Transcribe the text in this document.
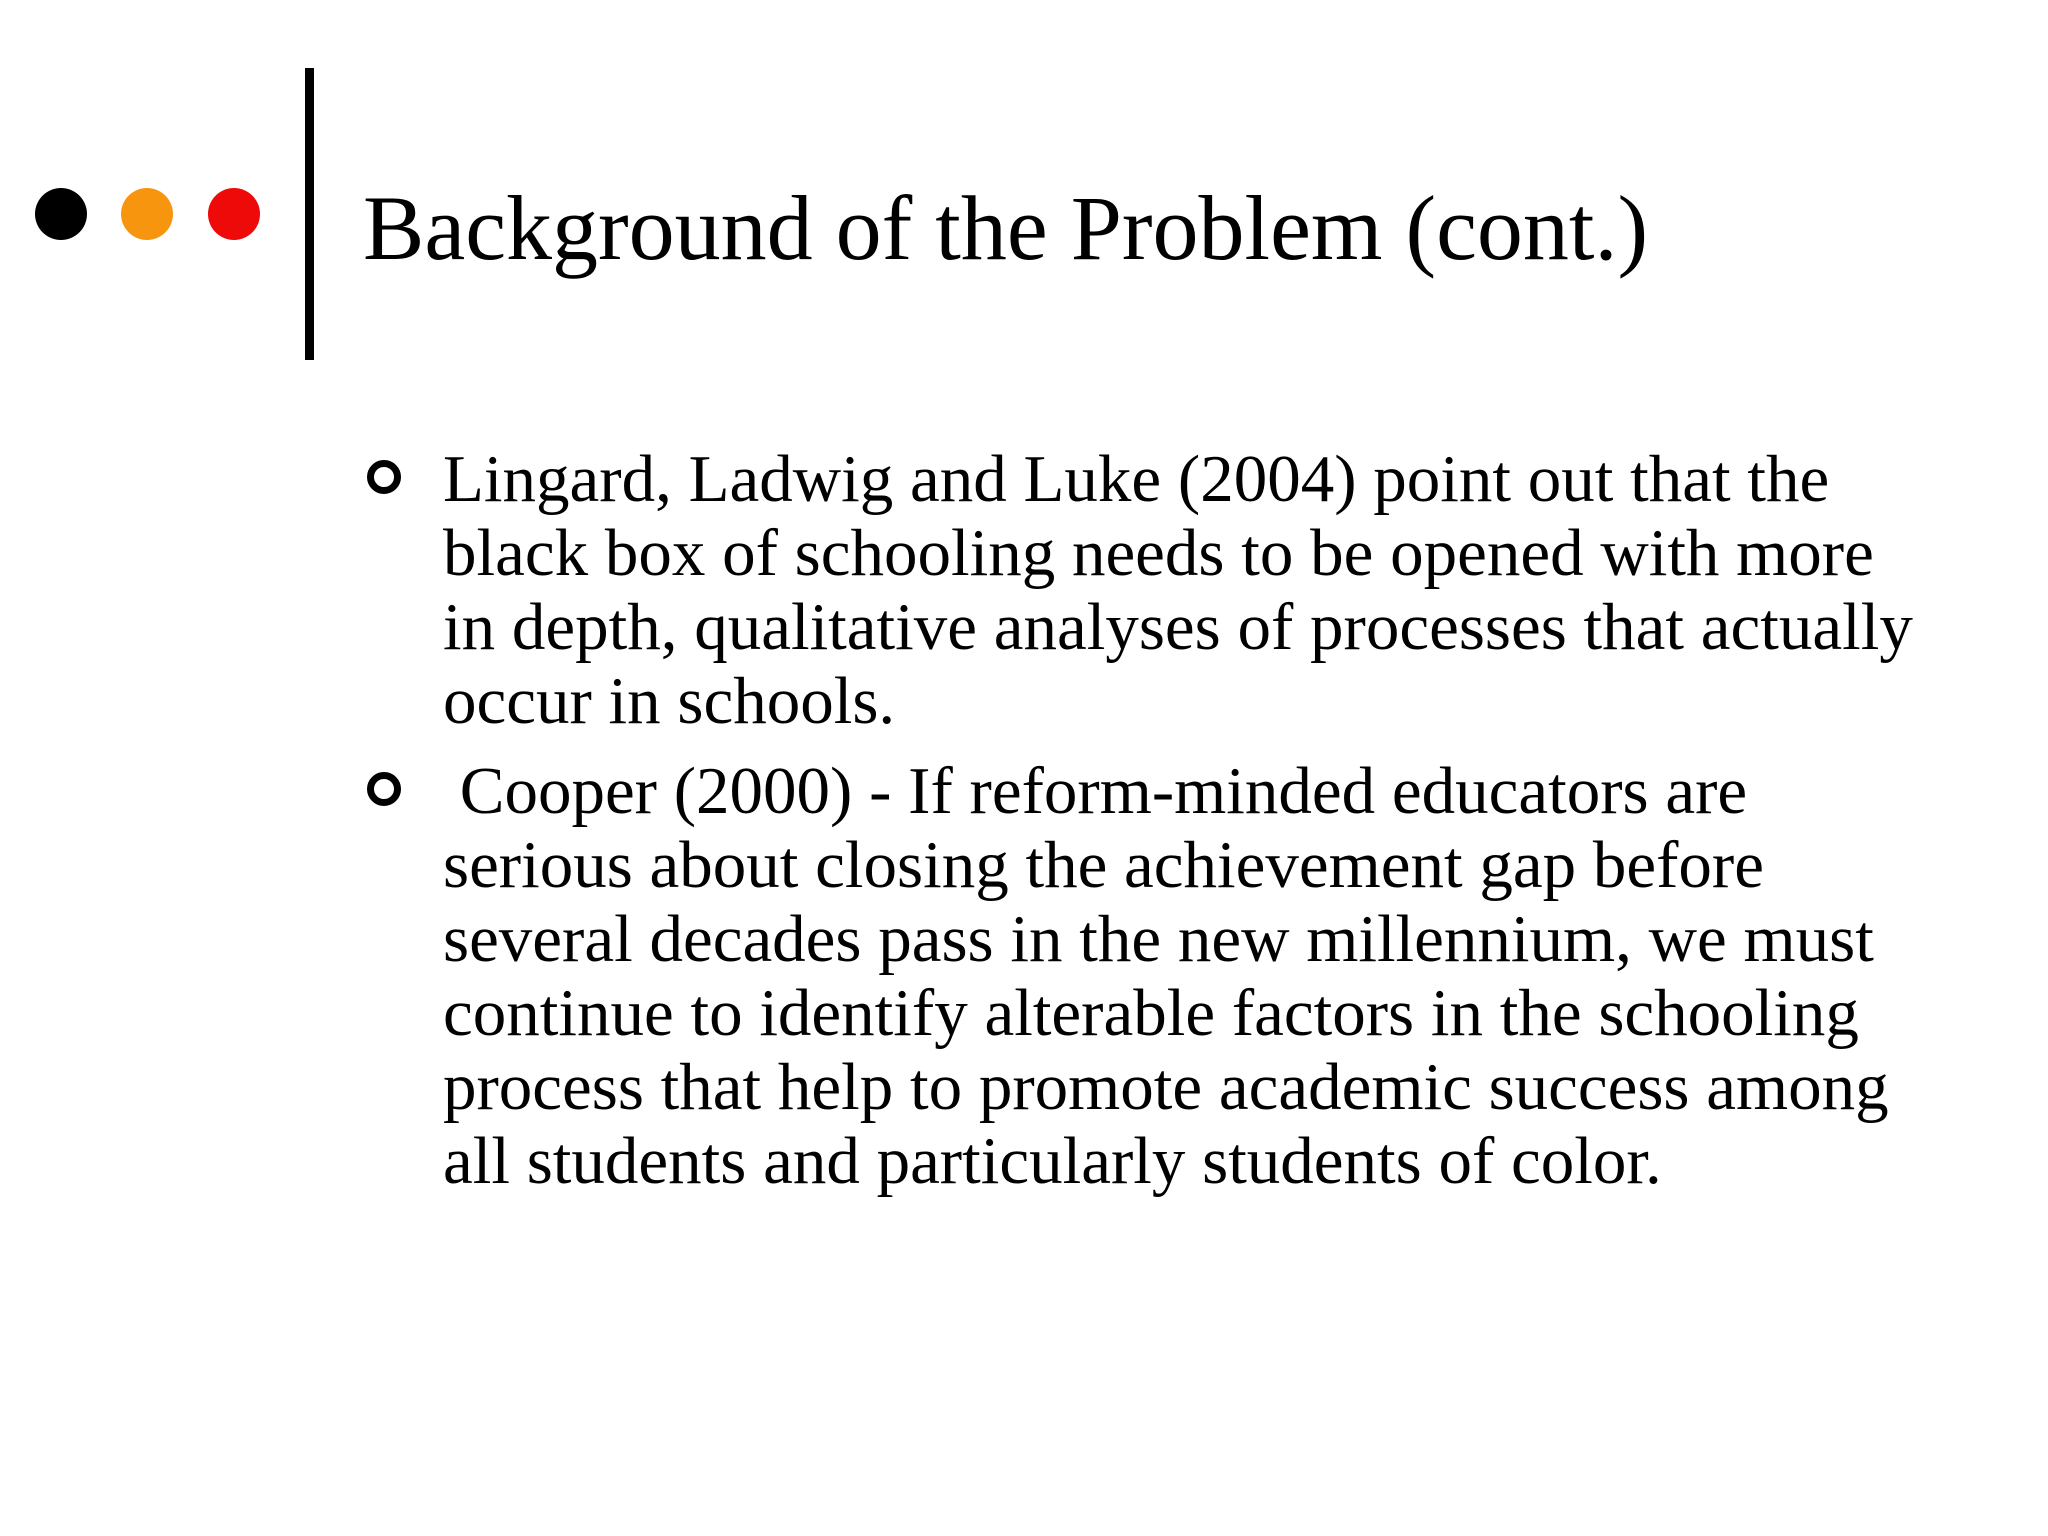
Background of the Problem (cont.)
Lingard, Ladwig and Luke (2004) point out that the black box of schooling needs to be opened with more in depth, qualitative analyses of processes that actually occur in schools.
Cooper (2000) - If reform-minded educators are serious about closing the achievement gap before several decades pass in the new millennium, we must continue to identify alterable factors in the schooling process that help to promote academic success among all students and particularly students of color.
